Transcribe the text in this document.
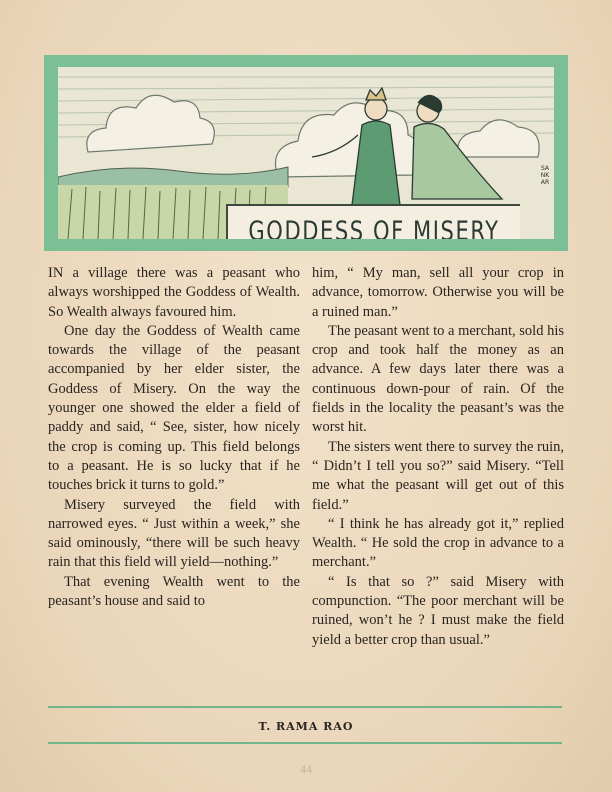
SANKAR
GODDESS OF MISERY

IN a village there was a peasant who always worshipped the Goddess of Wealth. So Wealth always favoured him.

One day the Goddess of Wealth came towards the village of the peasant accompanied by her elder sister, the Goddess of Misery. On the way the younger one showed the elder a field of paddy and said, “ See, sister, how nicely the crop is coming up. This field belongs to a peasant. He is so lucky that if he touches brick it turns to gold.”

Misery surveyed the field with narrowed eyes. “ Just within a week,” she said ominously, “there will be such heavy rain that this field will yield—nothing.”

That evening Wealth went to the peasant’s house and said to

him, “ My man, sell all your crop in advance, tomorrow. Otherwise you will be a ruined man.”

The peasant went to a merchant, sold his crop and took half the money as an advance. A few days later there was a continuous down-pour of rain. Of the fields in the locality the peasant’s was the worst hit.

The sisters went there to survey the ruin, “ Didn’t I tell you so?” said Misery. “Tell me what the peasant will get out of this field.”

“ I think he has already got it,” replied Wealth. “ He sold the crop in advance to a merchant.”

“ Is that so ?” said Misery with compunction. “The poor merchant will be ruined, won’t he ? I must make the field yield a better crop than usual.”

T. RAMA RAO
44
